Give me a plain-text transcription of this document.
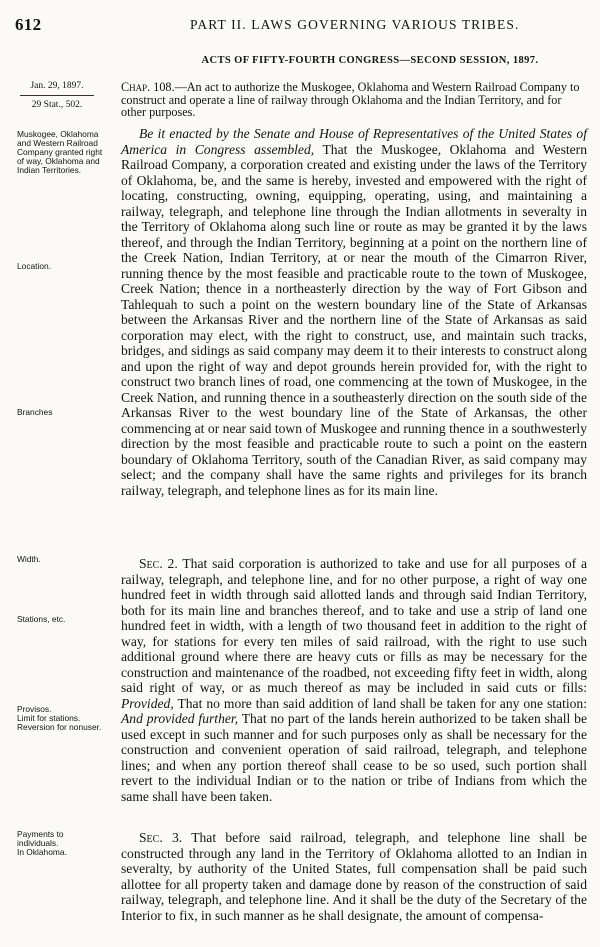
612	PART II. LAWS GOVERNING VARIOUS TRIBES.
ACTS OF FIFTY-FOURTH CONGRESS—SECOND SESSION, 1897.
Jan. 29, 1897.
29 Stat., 502.
Chap. 108.—An act to authorize the Muskogee, Oklahoma and Western Railroad Company to construct and operate a line of railway through Oklahoma and the Indian Territory, and for other purposes.
Muskogee, Oklahoma and Western Railroad Company granted right of way, Oklahoma and Indian Territories.
Location.
Branches
Width.
Stations, etc.

Provisos.

Limit for stations.

Reversion for nonuser.

Payments to individuals.

In Oklahoma.

Be it enacted by the Senate and House of Representatives of the United States of America in Congress assembled, That the Muskogee, Oklahoma and Western Railroad Company, a corporation created and existing under the laws of the Territory of Oklahoma, be, and the same is hereby, invested and empowered with the right of locating, constructing, owning, equipping, operating, using, and maintaining a railway, telegraph, and telephone line through the Indian allotments in severalty in the Territory of Oklahoma along such line or route as may be granted it by the laws thereof, and through the Indian Territory, beginning at a point on the northern line of the Creek Nation, Indian Territory, at or near the mouth of the Cimarron River, running thence by the most feasible and practicable route to the town of Muskogee, Creek Nation; thence in a northeasterly direction by the way of Fort Gibson and Tahlequah to such a point on the western boundary line of the State of Arkansas between the Arkansas River and the northern line of the State of Arkansas as said corporation may elect, with the right to construct, use, and maintain such tracks, bridges, and sidings as said company may deem it to their interests to construct along and upon the right of way and depot grounds herein provided for, with the right to construct two branch lines of road, one commencing at the town of Muskogee, in the Creek Nation, and running thence in a southeasterly direction on the south side of the Arkansas River to the west boundary line of the State of Arkansas, the other commencing at or near said town of Muskogee and running thence in a southwesterly direction by the most feasible and practicable route to such a point on the eastern boundary of Oklahoma Territory, south of the Canadian River, as said company may select; and the company shall have the same rights and privileges for its branch railway, telegraph, and telephone lines as for its main line.

Sec. 2. That said corporation is authorized to take and use for all purposes of a railway, telegraph, and telephone line, and for no other purpose, a right of way one hundred feet in width through said allotted lands and through said Indian Territory, both for its main line and branches thereof, and to take and use a strip of land one hundred feet in width, with a length of two thousand feet in addition to the right of way, for stations for every ten miles of said railroad, with the right to use such additional ground where there are heavy cuts or fills as may be necessary for the construction and maintenance of the roadbed, not exceeding fifty feet in width, along said right of way, or as much thereof as may be included in said cuts or fills: Provided, That no more than said addition of land shall be taken for any one station: And provided further, That no part of the lands herein authorized to be taken shall be used except in such manner and for such purposes only as shall be necessary for the construction and convenient operation of said railroad, telegraph, and telephone lines; and when any portion thereof shall cease to be so used, such portion shall revert to the individual Indian or to the nation or tribe of Indians from which the same shall have been taken.

Sec. 3. That before said railroad, telegraph, and telephone line shall be constructed through any land in the Territory of Oklahoma allotted to an Indian in severalty, by authority of the United States, full compensation shall be paid such allottee for all property taken and damage done by reason of the construction of said railway, telegraph, and telephone line. And it shall be the duty of the Secretary of the Interior to fix, in such manner as he shall designate, the amount of compensa-
